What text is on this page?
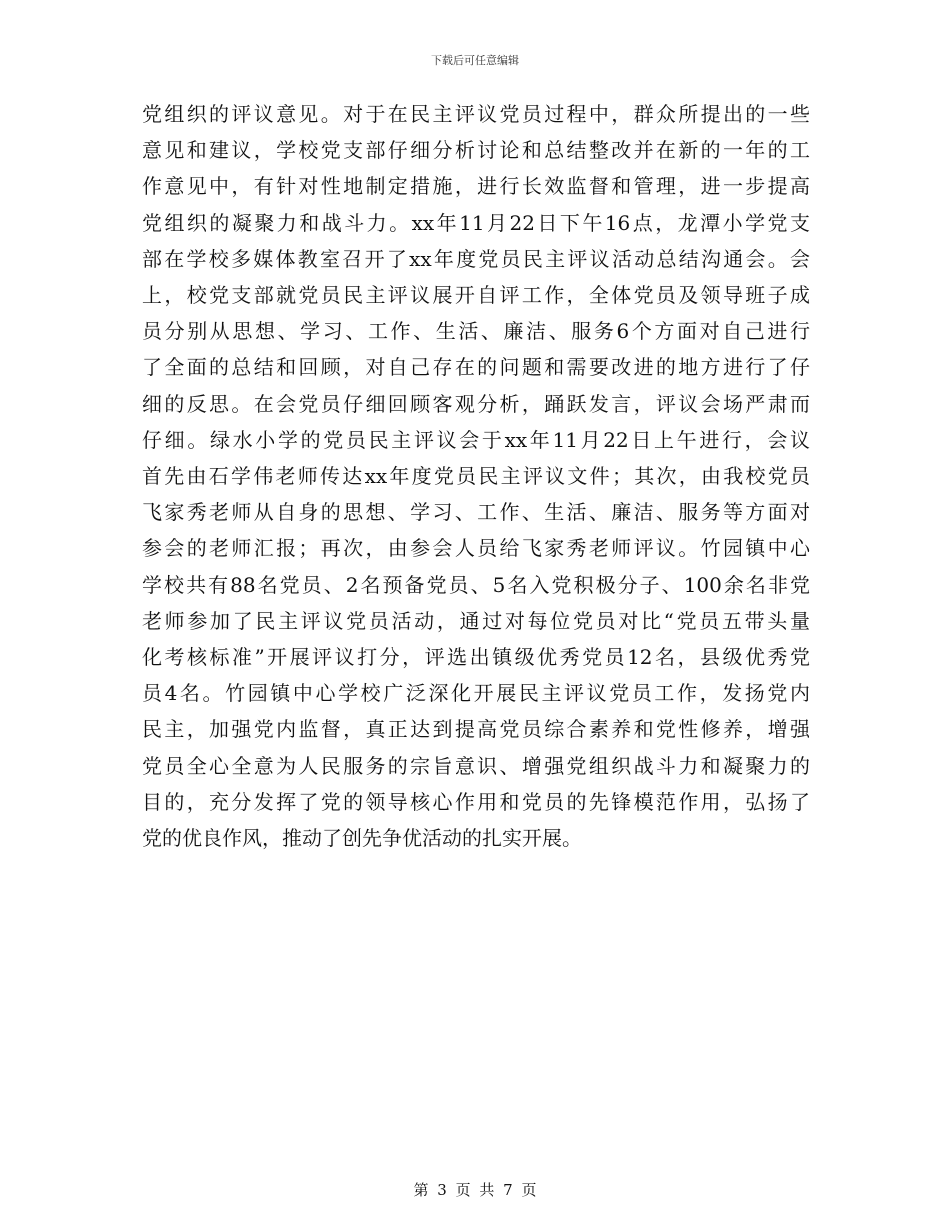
下载后可任意编辑
党组织的评议意见。对于在民主评议党员过程中，群众所提出的一些
意见和建议，学校党支部仔细分析讨论和总结整改并在新的一年的工
作意见中，有针对性地制定措施，进行长效监督和管理，进一步提高
党组织的凝聚力和战斗力。xx年11月22日下午16点，龙潭小学党支
部在学校多媒体教室召开了xx年度党员民主评议活动总结沟通会。会
上，校党支部就党员民主评议展开自评工作，全体党员及领导班子成
员分别从思想、学习、工作、生活、廉洁、服务6个方面对自己进行
了全面的总结和回顾，对自己存在的问题和需要改进的地方进行了仔
细的反思。在会党员仔细回顾客观分析，踊跃发言，评议会场严肃而
仔细。绿水小学的党员民主评议会于xx年11月22日上午进行，会议
首先由石学伟老师传达xx年度党员民主评议文件；其次，由我校党员
飞家秀老师从自身的思想、学习、工作、生活、廉洁、服务等方面对
参会的老师汇报；再次，由参会人员给飞家秀老师评议。竹园镇中心
学校共有88名党员、2名预备党员、5名入党积极分子、100余名非党
老师参加了民主评议党员活动，通过对每位党员对比“党员五带头量
化考核标准”开展评议打分，评选出镇级优秀党员12名，县级优秀党
员4名。竹园镇中心学校广泛深化开展民主评议党员工作，发扬党内
民主，加强党内监督，真正达到提高党员综合素养和党性修养，增强
党员全心全意为人民服务的宗旨意识、增强党组织战斗力和凝聚力的
目的，充分发挥了党的领导核心作用和党员的先锋模范作用，弘扬了
党的优良作风，推动了创先争优活动的扎实开展。
第 3 页 共 7 页
